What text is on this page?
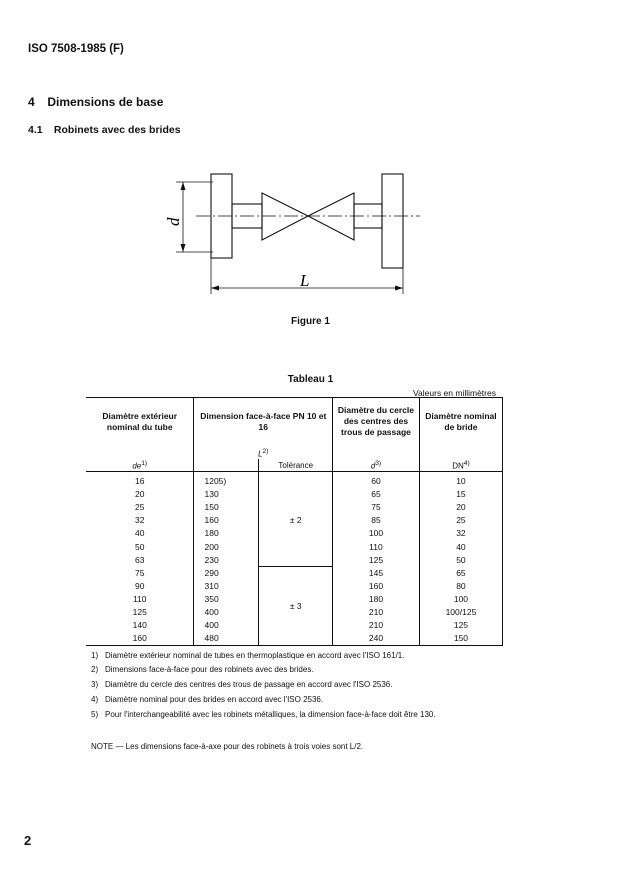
ISO 7508-1985 (F)
4 Dimensions de base
4.1 Robinets avec des brides
d
L
Figure 1
Tableau 1
Valeurs en millimètres
Diamètre extérieur nominal du tube	Dimension face-à-face PN 10 et 16		Diamètre du cercle des centres des trous de passage	Diamètre nominal de bride
$de^{1)}$	$L^{2)}$		$d^{3)}$	DN$^{4)}$
		Tolérance		
16	1205)	± 2	60	10
20	130		65	15
25	150		75	20
32	160		85	25
40	180		100	32
50	200		110	40
63	230		125	50
75	290	± 3	145	65
90	310		160	80
110	350		180	100
125	400		210	100/125
140	400		210	125
160	480		240	150
1) Diamètre extérieur nominal de tubes en thermoplastique en accord avec l'ISO 161/1.
2) Dimensions face-à-face pour des robinets avec des brides.
3) Diamètre du cercle des centres des trous de passage en accord avec l'ISO 2536.
4) Diamètre nominal pour des brides en accord avec l'ISO 2536.
5) Pour l'interchangeabilité avec les robinets métalliques, la dimension face-à-face doit être 130.
NOTE — Les dimensions face-à-axe pour des robinets à trois voies sont L/2.
2
